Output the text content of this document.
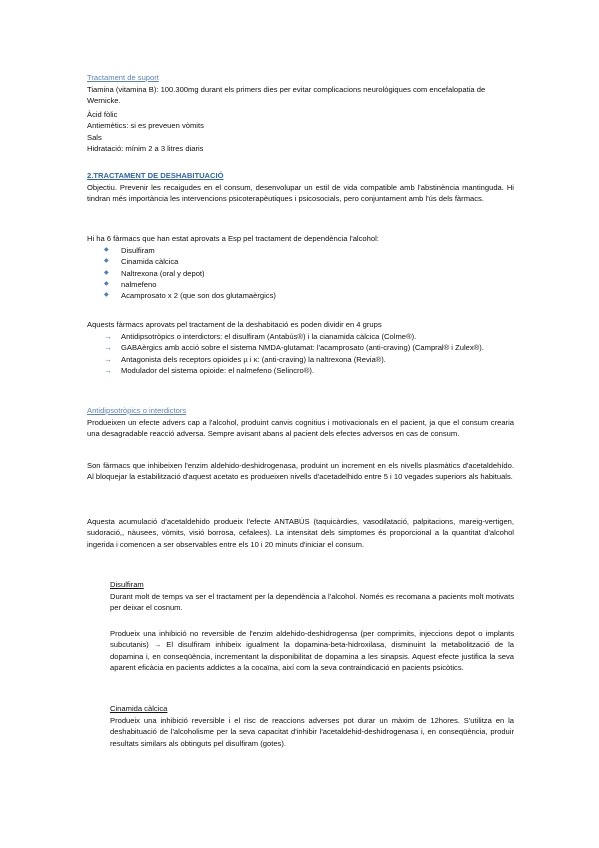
Tractament de suport

Tiamina (vitamina B): 100.300mg durant els primers dies per evitar complicacions neurològiques com encefalopatia de Wernicke.

Àcid fòlic

Antiemètics: si es preveuen vòmits

Sals

Hidratació: mínim 2 a 3 litres diaris

2.TRACTAMENT DE DESHABITUACIÓ

Objectiu. Prevenir les recaigudes en el consum, desenvolupar un estil de vida compatible amb l'abstinència mantinguda. Hi tindran més importància les intervencions psicoterapèutiques i psicosocials, pero conjuntament amb l'ús dels fàrmacs.

Hi ha 6 fàrmacs que han estat aprovats a Esp pel tractament de dependència l'alcohol:

◆ Disulfiram
◆ Cinamida càlcica
◆ Naltrexona (oral y depot)
◆ nalmefeno
◆ Acamprosato x 2 (que son dos glutamaèrgics)

Aquests fàrmacs aprovats pel tractament de la deshabitació es poden dividir en 4 grups

→ Antidipsotròpics o interdictors: el disulfiram (Antabús®) i la cianamida càlcica (Colme®).
→ GABAèrgics amb acció sobre el sistema NMDA-glutamat: l'acamprosato (anti-craving) (Campral® i Zulex®).
→ Antagonista dels receptors opioides µ i κ: (anti-craving) la naltrexona (Revia®).
→ Modulador del sistema opioide: el nalmefeno (Selincro®).

Antidipsotròpics o interdictors

Produeixen un efecte advers cap a l'alcohol, produint canvis cognitius i motivacionals en el pacient, ja que el consum crearia una desagradable reacció adversa. Sempre avisant abans al pacient dels efectes adversos en cas de consum.

Son fàrmacs que inhibeixen l'enzim aldehido-deshidrogenasa, produint un increment en els nivells plasmàtics d'acetaldehído. Al bloquejar la estabilització d'aquest acetato es produeixen nivells d'acetadelhido entre 5 i 10 vegades superiors als habituals.

Aquesta acumulació d'acetaldehido produeix l'efecte ANTABÚS (taquicàrdies, vasodilatació, palpitacions, mareig-vertigen, sudoració,, nàusees, vòmits, visió borrosa, cefalees). La intensitat dels simptomes és proporcional a la quantitat d'alcohol ingerida i comencen a ser observables entre els 10 i 20 minuts d'iniciar el consum.

Disulfiram

Durant molt de temps va ser el tractament per la dependència a l'alcohol. Només es recomana a pacients molt motivats per deixar el cosnum.

Produeix una inhibició no reversible de l'enzim aldehido-deshidrogensa (per comprimits, injeccions depot o implants subcutanis) → El disulfiram inhibeix igualment la dopamina-beta-hidroxilasa, disminuint la metabolització de la dopamina i, en conseqüència, incrementant la disponibilitat de dopamina a les sinapsis. Aquest efecte justifica la seva aparent eficàcia en pacients addictes a la cocaïna, així com la seva contraindicació en pacients psicòtics.

Cinamida càlcica

Produeix una inhibició reversible i el risc de reaccions adverses pot durar un màxim de 12hores. S'utilitza en la deshabituació de l'alcoholisme per la seva capacitat d'inhibir l'acetaldehid-deshidrogenasa i, en conseqüència, produir resultats similars als obtinguts pel disulfiram (gotes).
